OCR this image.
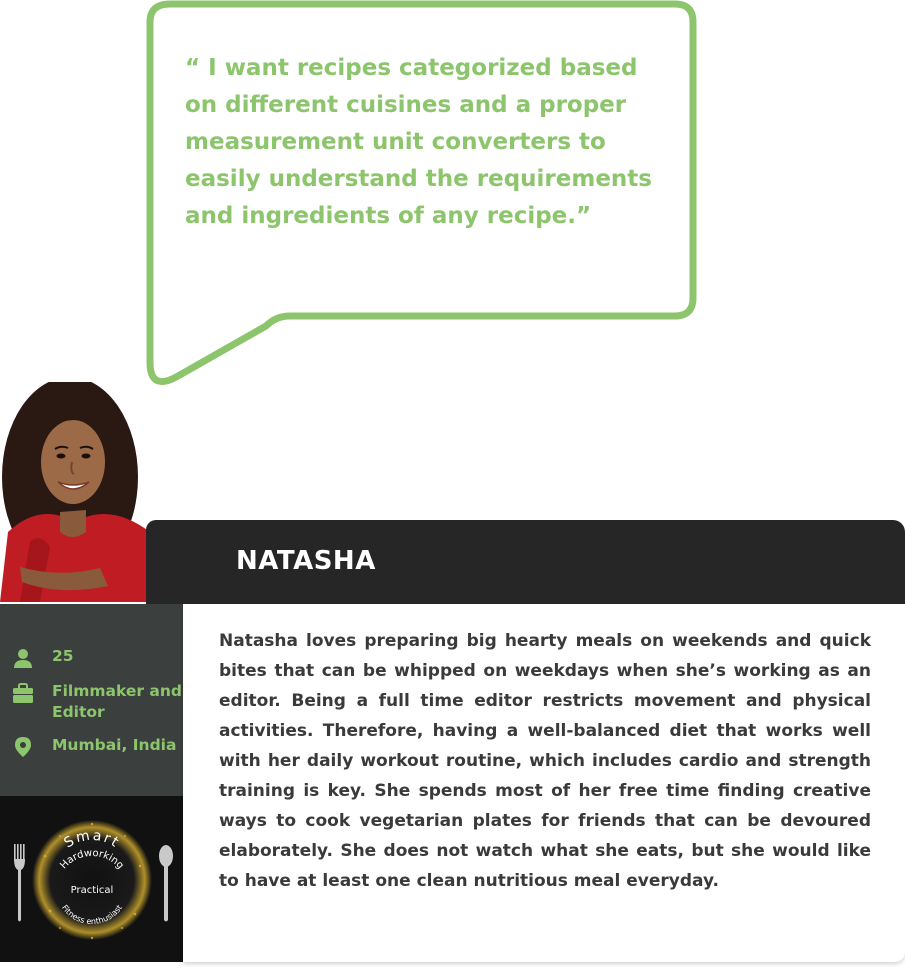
“ I want recipes categorized based on different cuisines and a proper measurement unit converters to easily understand the requirements and ingredients of any recipe.”

NATASHA
25
Filmmaker and Editor
Mumbai, India
Smart
Hardworking
Practical
Fitness enthusiast

Natasha loves preparing big hearty meals on weekends and quick bites that can be whipped on weekdays when she’s working as an editor. Being a full time editor restricts movement and physical activities. Therefore, having a well-balanced diet that works well with her daily workout routine, which includes cardio and strength training is key. She spends most of her free time finding creative ways to cook vegetarian plates for friends that can be devoured elaborately. She does not watch what she eats, but she would like to have at least one clean nutritious meal everyday.
